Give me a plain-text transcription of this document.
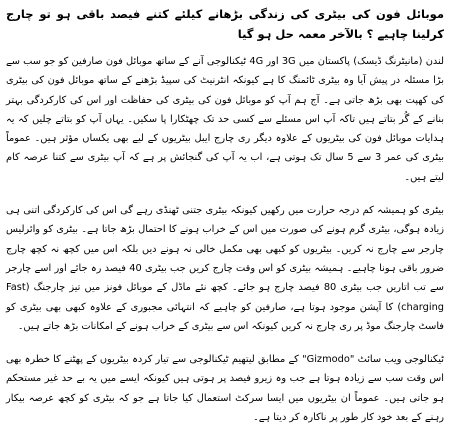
موبائل فون کی بیٹری کی زندگی بڑھانے کیلئے کتنے فیصد باقی ہو تو چارج کرلینا چاہیے ؟ بالآخر معمہ حل ہو گیا
لندن (مانیٹرنگ ڈیسک) پاکستان میں 3G اور 4G ٹیکنالوجی آنے کے ساتھ موبائل فون صارفین کو جو سب سے بڑا مسئلہ در پیش آیا وہ بیٹری ٹائمنگ کا ہے کیونکہ انٹرنیٹ کی سپیڈ بڑھنے کے ساتھ موبائل فون کی بیٹری کی کھپت بھی بڑھ جاتی ہے۔ آج ہم آپ کو موبائل فون کی بیٹری کی حفاظت اور اس کی کارکردگی بہتر بنانے کے گُر بتاتے ہیں تاکہ آپ اس مسئلے سے کسی حد تک چھٹکارا پا سکیں۔ یہاں آپ کو بتاتے چلیں کہ یہ ہدایات موبائل فون کی بیٹریوں کے علاوہ دیگر ری چارج ایبل بیٹریوں کے لیے بھی یکساں مؤثر ہیں۔ عموماً بیٹری کی عمر 3 سے 5 سال تک ہوتی ہے، اب یہ آپ کی گنجائش پر ہے کہ آپ بیٹری سے کتنا عرصہ کام لیتے ہیں۔
بیٹری کو ہمیشہ کم درجہ حرارت میں رکھیں کیونکہ بیٹری جتنی ٹھنڈی رہے گی اس کی کارکردگی اتنی ہی زیادہ ہوگی، بیٹری گرم ہونے کی صورت میں اس کے خراب ہونے کا احتمال بڑھ جاتا ہے۔ بیٹری کو وائرلیس چارجر سے چارج نہ کریں۔ بیٹریوں کو کبھی بھی مکمل خالی نہ ہونے دیں بلکہ اس میں کچھ نہ کچھ چارج ضرور باقی ہونا چاہیے۔ ہمیشہ بیٹری کو اس وقت چارج کریں جب بیٹری 40 فیصد رہ جائے اور اسے چارجر سے تب اتاریں جب بیٹری 80 فیصد چارج ہو جائے۔ کچھ نئے ماڈل کے موبائل فونز میں تیز چارجنگ (Fast charging) کا آپشن موجود ہوتا ہے، صارفین کو چاہیے کہ انتہائی مجبوری کے علاوہ کبھی بھی بیٹری کو فاسٹ چارجنگ موڈ پر ری چارج نہ کریں کیونکہ اس سے بیٹری کے خراب ہونے کے امکانات بڑھ جاتے ہیں۔
ٹیکنالوجی ویب سائٹ "Gizmodo" کے مطابق لیتھیم ٹیکنالوجی سے تیار کردہ بیٹریوں کے پھٹنے کا خطرہ بھی اس وقت سب سے زیادہ ہوتا ہے جب وہ زیرو فیصد پر ہوتی ہیں کیونکہ ایسے میں یہ بے حد غیر مستحکم ہو جاتی ہیں۔ عموماً ان بیٹریوں میں ایسا سرکٹ استعمال کیا جاتا ہے جو کہ بیٹری کو کچھ عرصہ بیکار رہنے کے بعد خود کار طور پر ناکارہ کر دیتا ہے۔
